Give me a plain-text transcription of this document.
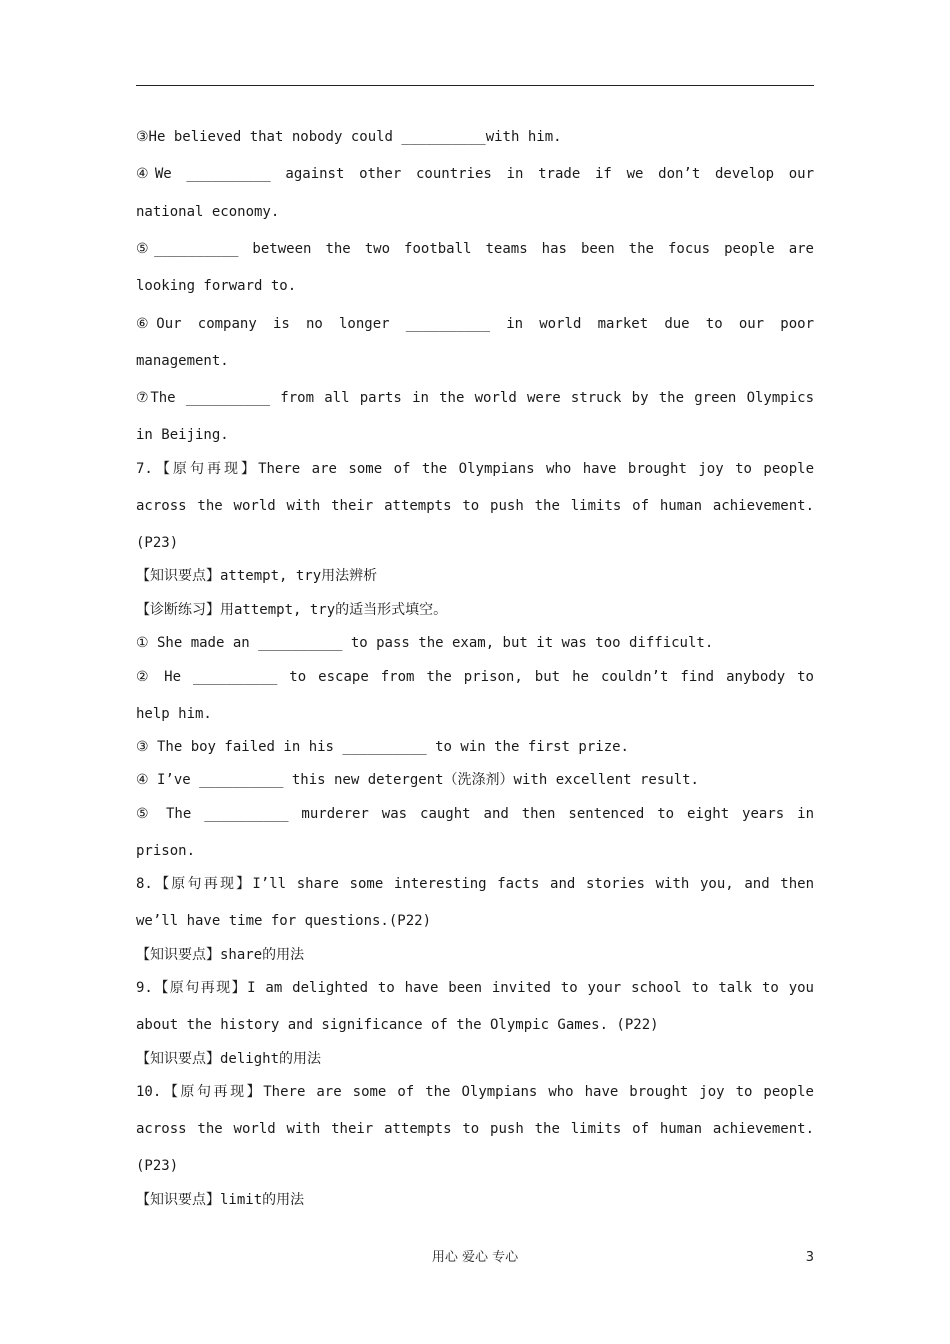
③He believed that nobody could __________with him.
④We __________ against other countries in trade if we don’t develop our
national economy.
⑤__________ between the two football teams has been the focus people are
looking forward to.
⑥Our company is no longer __________ in world market due to our poor
management.
⑦The __________ from all parts in the world were struck by the green Olympics
in Beijing.
7.【原句再现】There are some of the Olympians who have brought joy to people
across the world with their attempts to push the limits of human achievement.
(P23)
【知识要点】attempt, try用法辨析
【诊断练习】用attempt, try的适当形式填空。
① She made an __________ to pass the exam, but it was too difficult.
② He __________ to escape from the prison, but he couldn’t find anybody to
help him.
③ The boy failed in his __________ to win the first prize.
④ I’ve __________ this new detergent（洗涤剂）with excellent result.
⑤ The __________ murderer was caught and then sentenced to eight years in
prison.
8.【原句再现】I’ll share some interesting facts and stories with you, and then
we’ll have time for questions.(P22)
【知识要点】share的用法
9.【原句再现】I am delighted to have been invited to your school to talk to you
about the history and significance of the Olympic Games. (P22)
【知识要点】delight的用法
10.【原句再现】There are some of the Olympians who have brought joy to people
across the world with their attempts to push the limits of human achievement.
(P23)
【知识要点】limit的用法
用心 爱心 专心	3
